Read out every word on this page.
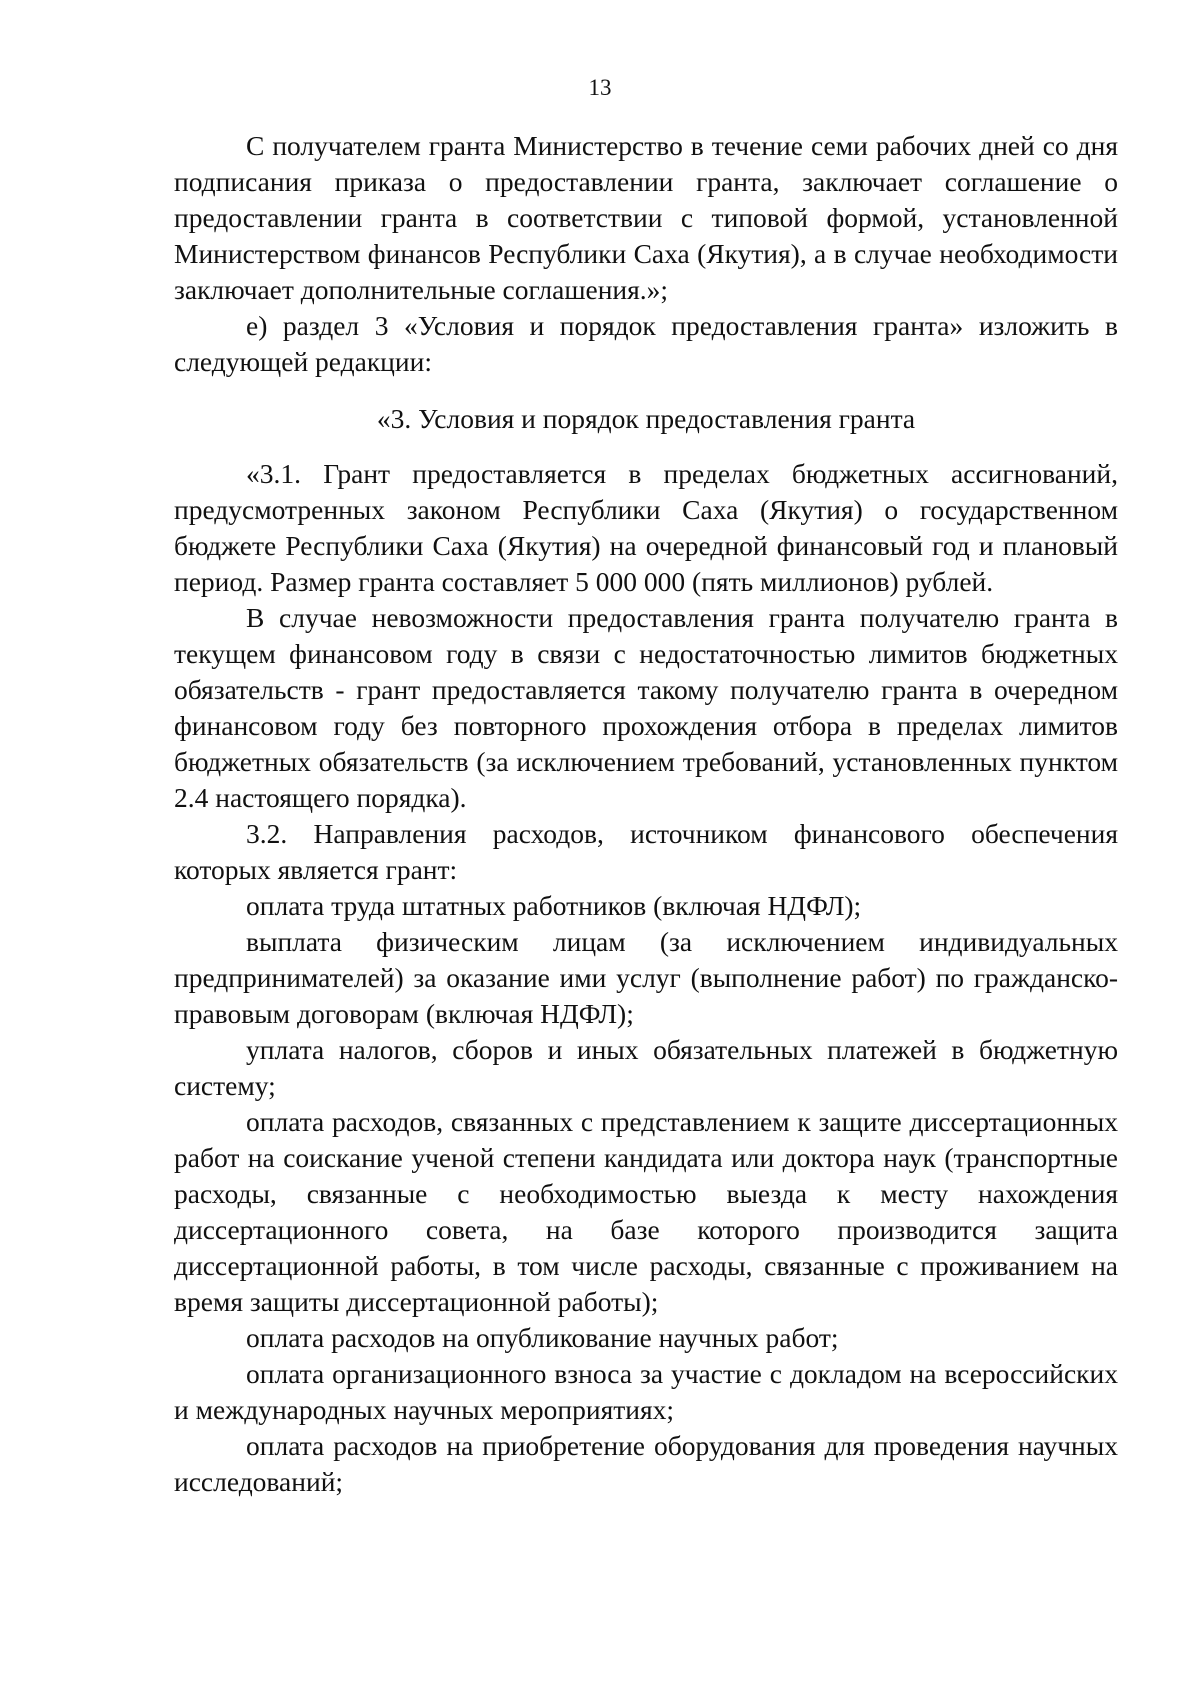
13

С получателем гранта Министерство в течение семи рабочих дней со дня подписания приказа о предоставлении гранта, заключает соглашение о предоставлении гранта в соответствии с типовой формой, установленной Министерством финансов Республики Саха (Якутия), а в случае необходимости заключает дополнительные соглашения.»;

е) раздел 3 «Условия и порядок предоставления гранта» изложить в следующей редакции:

«3. Условия и порядок предоставления гранта

«3.1. Грант предоставляется в пределах бюджетных ассигнований, предусмотренных законом Республики Саха (Якутия) о государственном бюджете Республики Саха (Якутия) на очередной финансовый год и плановый период. Размер гранта составляет 5 000 000 (пять миллионов) рублей.

В случае невозможности предоставления гранта получателю гранта в текущем финансовом году в связи с недостаточностью лимитов бюджетных обязательств - грант предоставляется такому получателю гранта в очередном финансовом году без повторного прохождения отбора в пределах лимитов бюджетных обязательств (за исключением требований, установленных пунктом 2.4 настоящего порядка).

3.2. Направления расходов, источником финансового обеспечения которых является грант:

оплата труда штатных работников (включая НДФЛ);

выплата физическим лицам (за исключением индивидуальных предпринимателей) за оказание ими услуг (выполнение работ) по гражданско-правовым договорам (включая НДФЛ);

уплата налогов, сборов и иных обязательных платежей в бюджетную систему;

оплата расходов, связанных с представлением к защите диссертационных работ на соискание ученой степени кандидата или доктора наук (транспортные расходы, связанные с необходимостью выезда к месту нахождения диссертационного совета, на базе которого производится защита диссертационной работы, в том числе расходы, связанные с проживанием на время защиты диссертационной работы);

оплата расходов на опубликование научных работ;

оплата организационного взноса за участие с докладом на всероссийских и международных научных мероприятиях;

оплата расходов на приобретение оборудования для проведения научных исследований;
